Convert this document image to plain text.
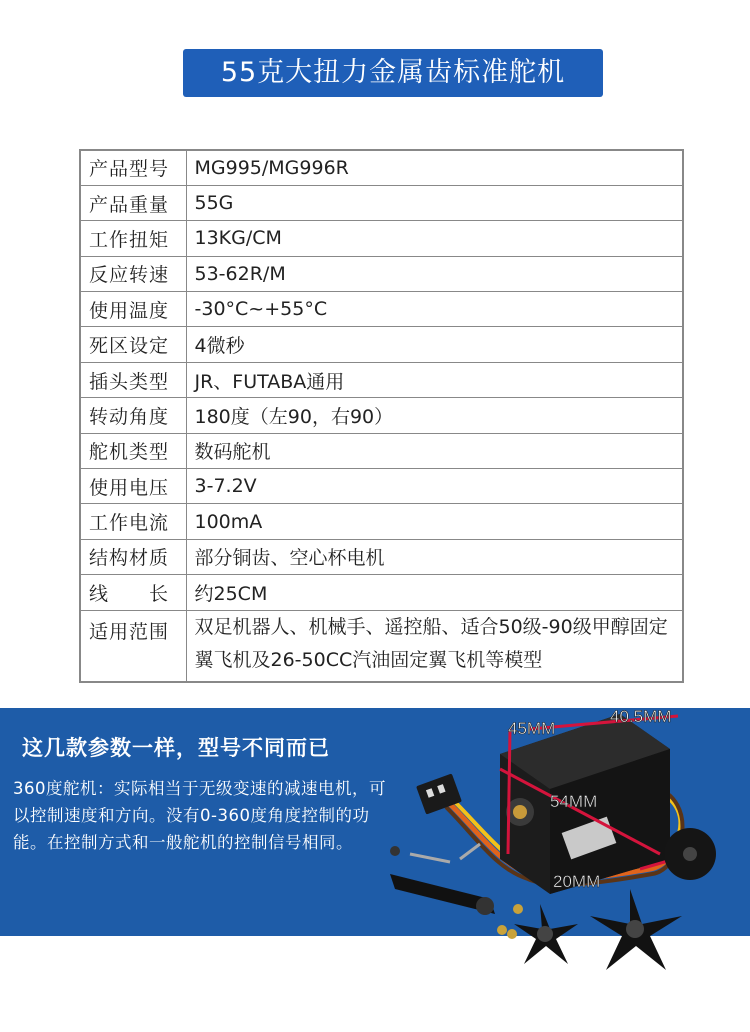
55克大扭力金属齿标准舵机
产品型号	MG995/MG996R
产品重量	55G
工作扭矩	13KG/CM
反应转速	53-62R/M
使用温度	-30°C~+55°C
死区设定	4微秒
插头类型	JR、FUTABA通用
转动角度	180度（左90，右90）
舵机类型	数码舵机
使用电压	3-7.2V
工作电流	100mA
结构材质	部分铜齿、空心杯电机
线　　长	约25CM
适用范围	双足机器人、机械手、遥控船、适合50级-90级甲醇固定翼飞机及26-50CC汽油固定翼飞机等模型
这几款参数一样，型号不同而已
360度舵机：实际相当于无级变速的减速电机，可以控制速度和方向。没有0-360度角度控制的功能。在控制方式和一般舵机的控制信号相同。
45MM
40.5MM
54MM
20MM
